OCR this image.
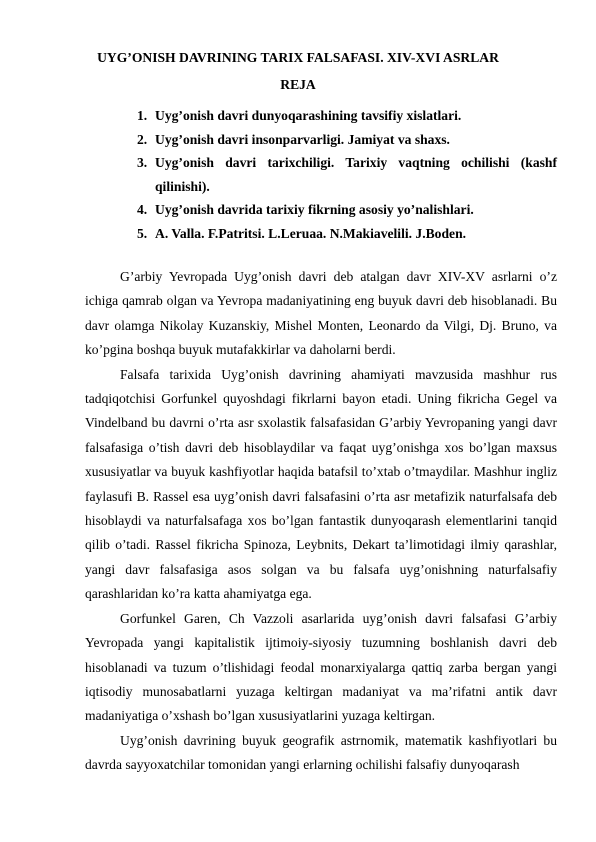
UYG’ONISH DAVRINING TARIX FALSAFASI. XIV-XVI ASRLAR
REJA
1. Uyg’onish davri dunyoqarashining tavsifiy xislatlari.
2. Uyg’onish davri insonparvarligi. Jamiyat va shaxs.
3. Uyg’onish davri tarixchiligi. Tarixiy vaqtning ochilishi (kashf
qilinishi).
4. Uyg’onish davrida tarixiy fikrning asosiy yo’nalishlari.
5. A. Valla. F.Patritsi. L.Leruaa. N.Makiavelili. J.Boden.

G’arbiy Yevropada Uyg’onish davri deb atalgan davr XIV-XV asrlarni o’z ichiga qamrab olgan va Yevropa madaniyatining eng buyuk davri deb hisoblanadi. Bu davr olamga Nikolay Kuzanskiy, Mishel Monten, Leonardo da Vilgi, Dj. Bruno, va ko’pgina boshqa buyuk mutafakkirlar va daholarni berdi.

Falsafa tarixida Uyg’onish davrining ahamiyati mavzusida mashhur rus tadqiqotchisi Gorfunkel quyoshdagi fikrlarni bayon etadi. Uning fikricha Gegel va Vindelband bu davrni o’rta asr sxolastik falsafasidan G’arbiy Yevropaning yangi davr falsafasiga o’tish davri deb hisoblaydilar va faqat uyg’onishga xos bo’lgan maxsus xususiyatlar va buyuk kashfiyotlar haqida batafsil to’xtab o’tmaydilar. Mashhur ingliz faylasufi B. Rassel esa uyg’onish davri falsafasini o’rta asr metafizik naturfalsafa deb hisoblaydi va naturfalsafaga xos bo’lgan fantastik dunyoqarash elementlarini tanqid qilib o’tadi. Rassel fikricha Spinoza, Leybnits, Dekart ta’limotidagi ilmiy qarashlar, yangi davr falsafasiga asos solgan va bu falsafa uyg’onishning naturfalsafiy qarashlaridan ko’ra katta ahamiyatga ega.

Gorfunkel Garen, Ch Vazzoli asarlarida uyg’onish davri falsafasi G’arbiy Yevropada yangi kapitalistik ijtimoiy-siyosiy tuzumning boshlanish davri deb hisoblanadi va tuzum o’tlishidagi feodal monarxiyalarga qattiq zarba bergan yangi iqtisodiy munosabatlarni yuzaga keltirgan madaniyat va ma’rifatni antik davr madaniyatiga o’xshash bo’lgan xususiyatlarini yuzaga keltirgan.

Uyg’onish davrining buyuk geografik astrnomik, matematik kashfiyotlari bu davrda sayyoxatchilar tomonidan yangi erlarning ochilishi falsafiy dunyoqarash
